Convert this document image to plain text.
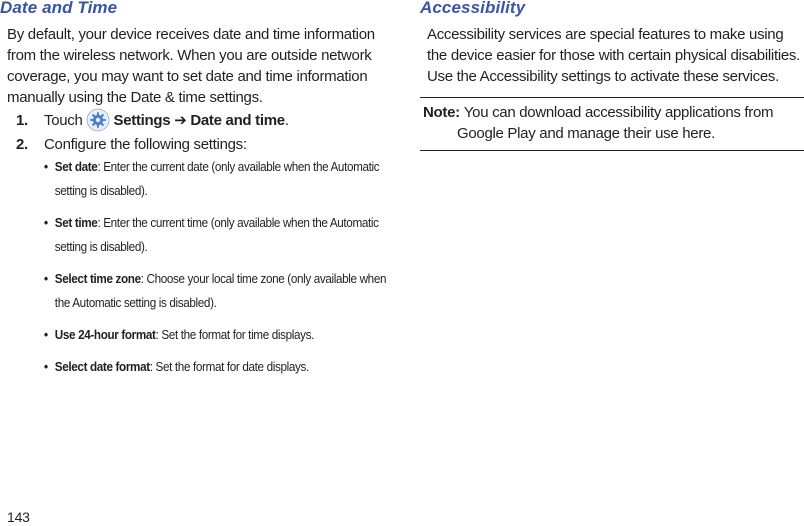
Date and Time

By default, your device receives date and time information from the wireless network. When you are outside network coverage, you may want to set date and time information manually using the Date & time settings.

1. Touch Settings ➔ Date and time.
2. Configure the following settings:
• Set date: Enter the current date (only available when the Automatic setting is disabled).
• Set time: Enter the current time (only available when the Automatic setting is disabled).
• Select time zone: Choose your local time zone (only available when the Automatic setting is disabled).
• Use 24-hour format: Set the format for time displays.
• Select date format: Set the format for date displays.
Accessibility

Accessibility services are special features to make using the device easier for those with certain physical disabilities. Use the Accessibility settings to activate these services.

Note: You can download accessibility applications from
Google Play and manage their use here.
143
